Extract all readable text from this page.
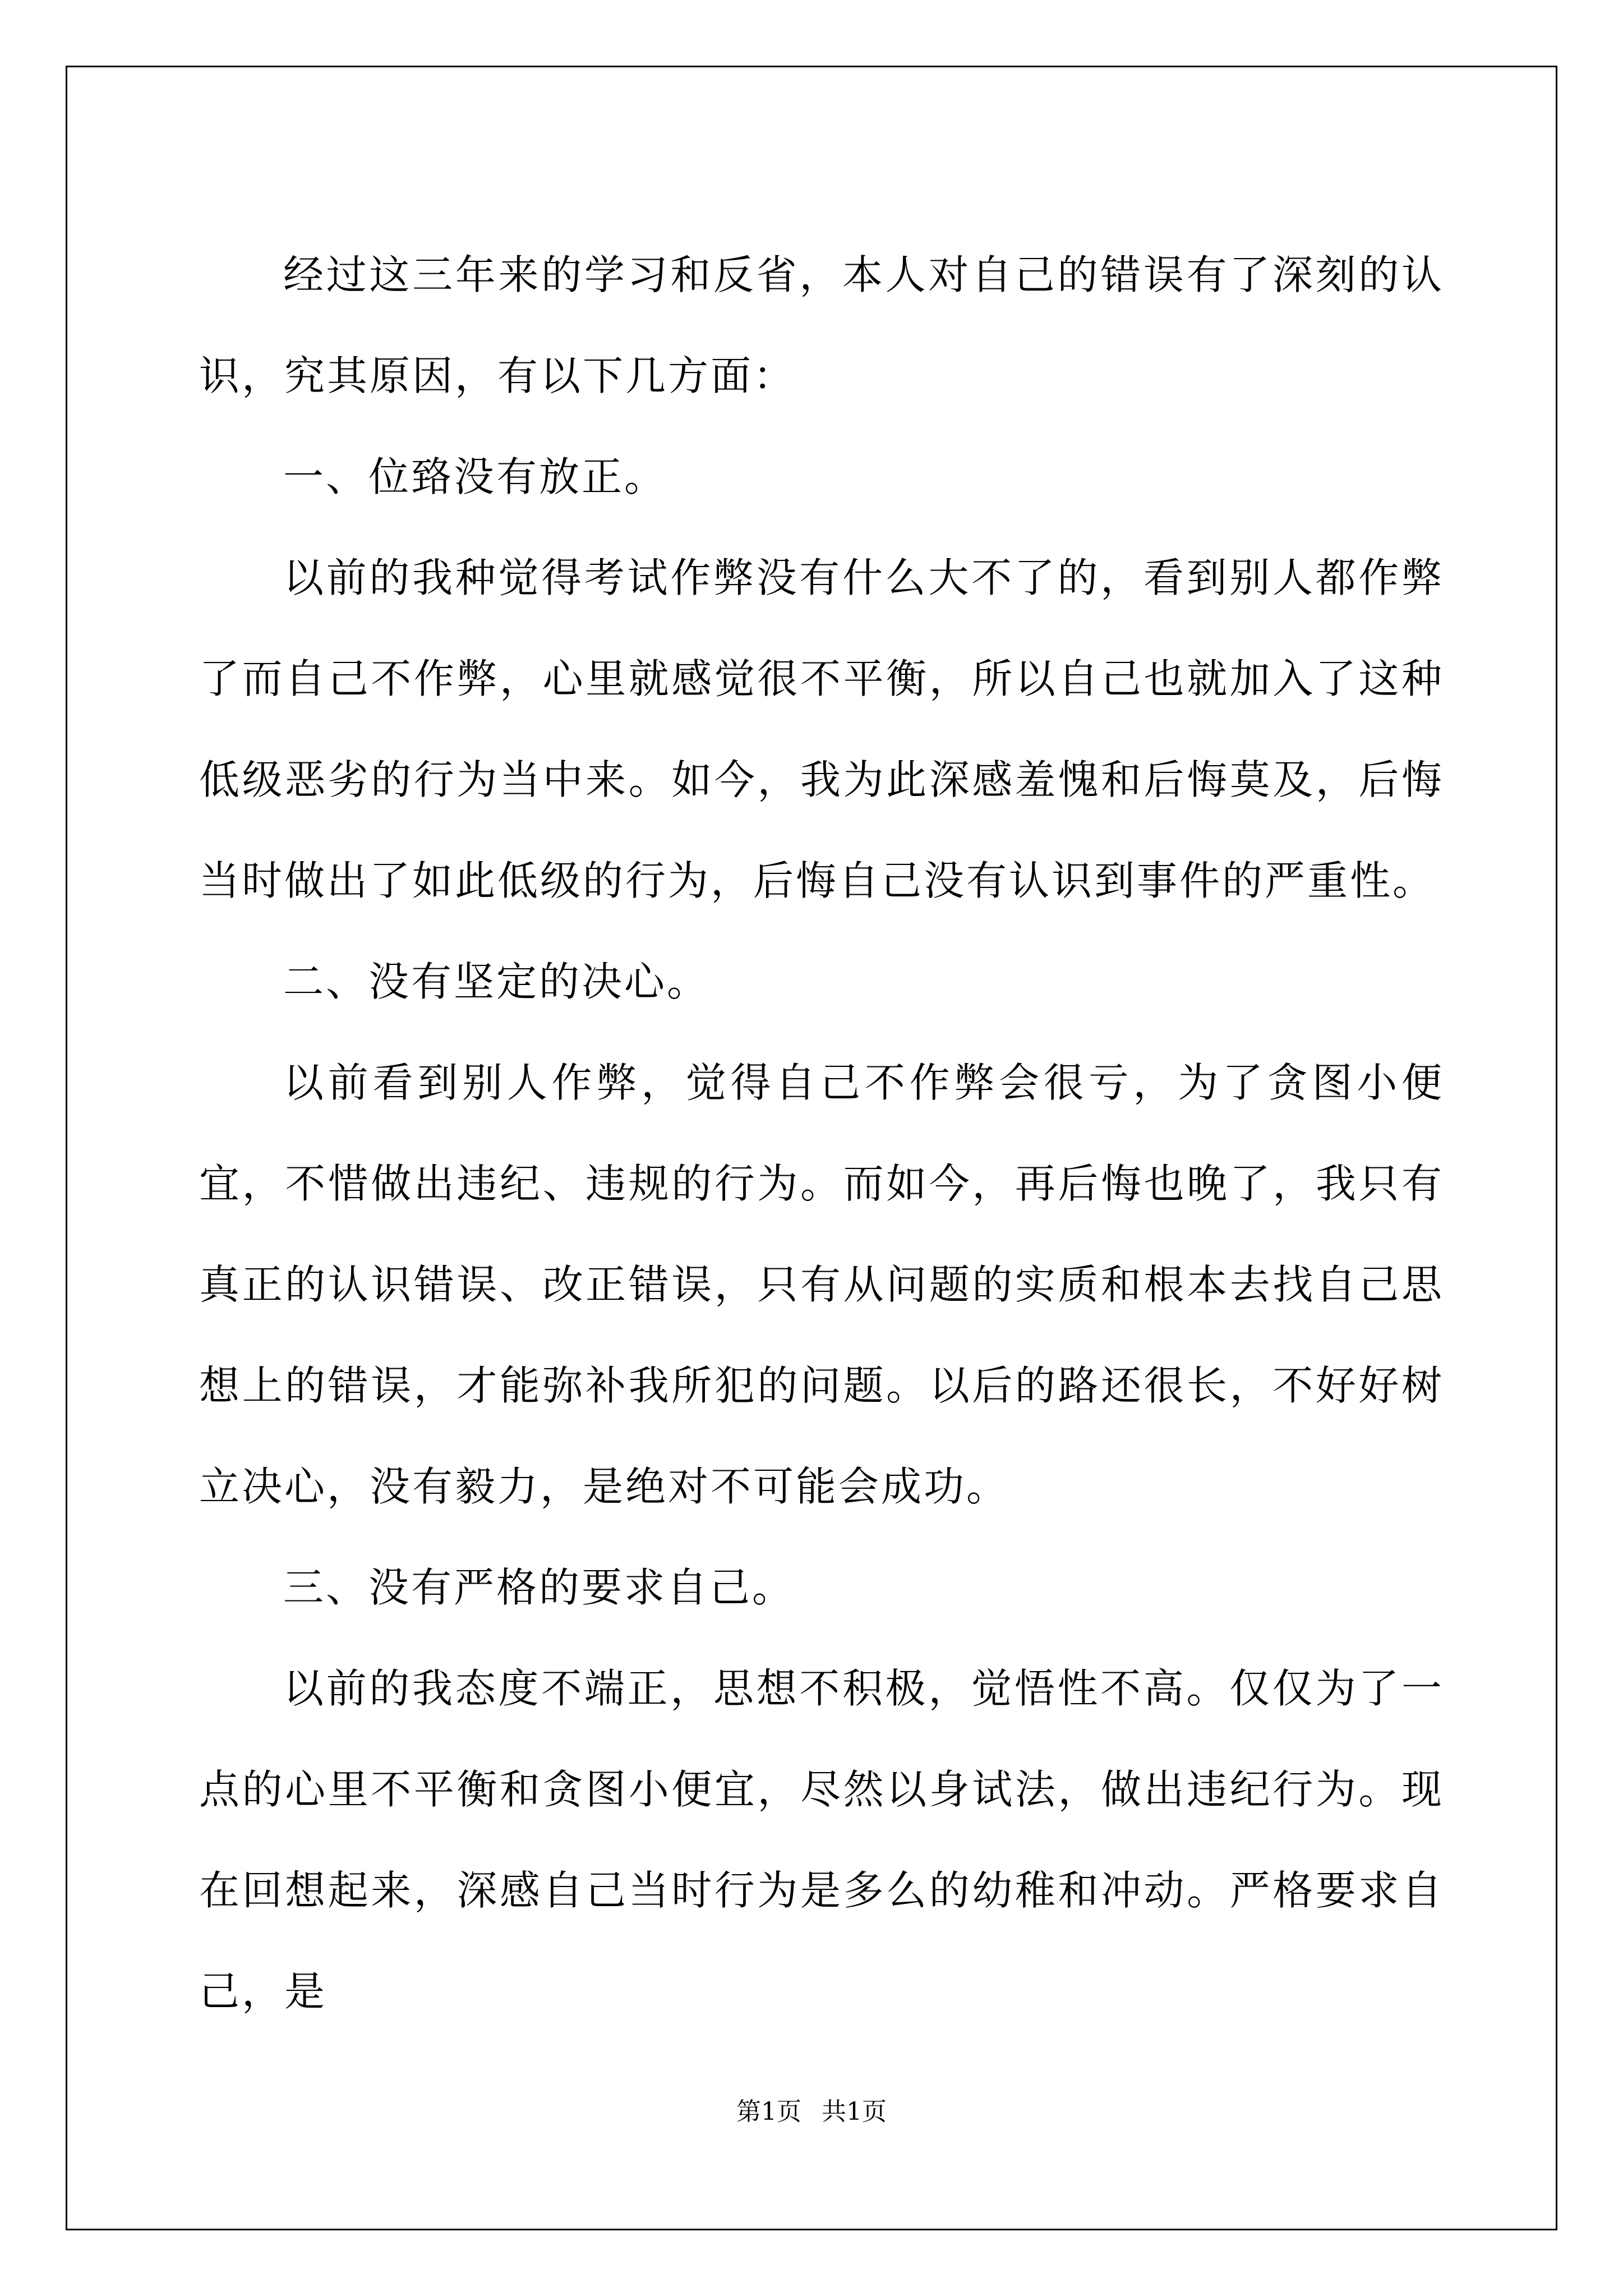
经过这三年来的学习和反省，本人对自己的错误有了深刻的认识，究其原因，有以下几方面：

一、位臵没有放正。

以前的我种觉得考试作弊没有什么大不了的，看到别人都作弊了而自己不作弊，心里就感觉很不平衡，所以自己也就加入了这种低级恶劣的行为当中来。如今，我为此深感羞愧和后悔莫及，后悔当时做出了如此低级的行为，后悔自己没有认识到事件的严重性。

二、没有坚定的决心。

以前看到别人作弊，觉得自己不作弊会很亏，为了贪图小便宜，不惜做出违纪、违规的行为。而如今，再后悔也晚了，我只有真正的认识错误、改正错误，只有从问题的实质和根本去找自己思想上的错误，才能弥补我所犯的问题。以后的路还很长，不好好树立决心，没有毅力，是绝对不可能会成功。

三、没有严格的要求自己。

以前的我态度不端正，思想不积极，觉悟性不高。仅仅为了一点的心里不平衡和贪图小便宜，尽然以身试法，做出违纪行为。现在回想起来，深感自己当时行为是多么的幼稚和冲动。严格要求自己，是

第1页 共1页
